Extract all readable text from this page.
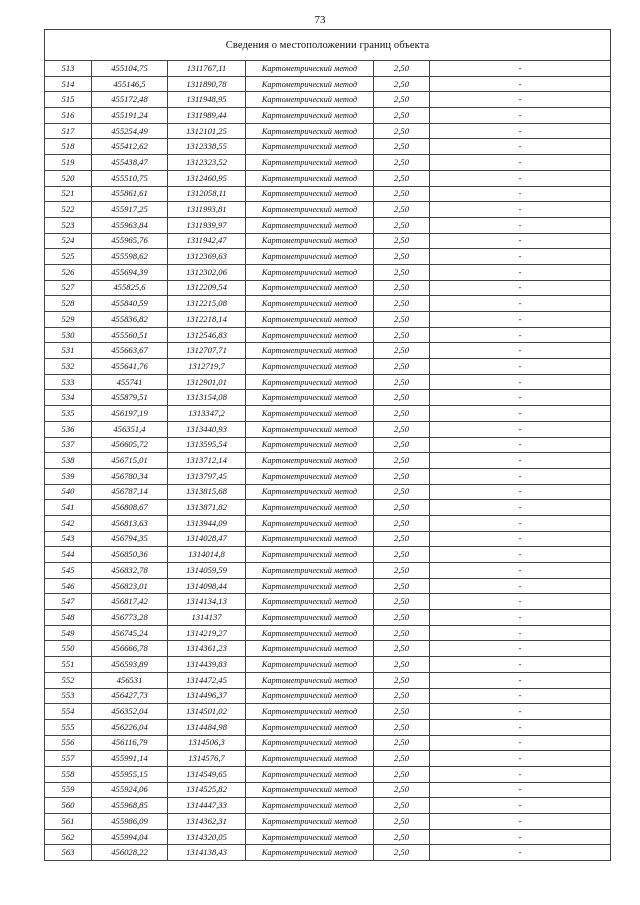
73
Сведения о местоположении границ объекта					
513	455104,75	1311767,11	Картометрический метод	2,50	-
514	455146,5	1311890,78	Картометрический метод	2,50	-
515	455172,48	1311948,95	Картометрический метод	2,50	-
516	455191,24	1311989,44	Картометрический метод	2,50	-
517	455254,49	1312101,25	Картометрический метод	2,50	-
518	455412,62	1312338,55	Картометрический метод	2,50	-
519	455438,47	1312323,52	Картометрический метод	2,50	-
520	455510,75	1312460,95	Картометрический метод	2,50	-
521	455861,61	1312058,11	Картометрический метод	2,50	-
522	455917,25	1311993,81	Картометрический метод	2,50	-
523	455963,84	1311939,97	Картометрический метод	2,50	-
524	455965,76	1311942,47	Картометрический метод	2,50	-
525	455598,62	1312369,63	Картометрический метод	2,50	-
526	455694,39	1312302,06	Картометрический метод	2,50	-
527	455825,6	1312209,54	Картометрический метод	2,50	-
528	455840,59	1312215,08	Картометрический метод	2,50	-
529	455836,82	1312218,14	Картометрический метод	2,50	-
530	455560,51	1312546,83	Картометрический метод	2,50	-
531	455663,67	1312707,71	Картометрический метод	2,50	-
532	455641,76	1312719,7	Картометрический метод	2,50	-
533	455741	1312901,01	Картометрический метод	2,50	-
534	455879,51	1313154,08	Картометрический метод	2,50	-
535	456197,19	1313347,2	Картометрический метод	2,50	-
536	456351,4	1313440,93	Картометрический метод	2,50	-
537	456605,72	1313595,54	Картометрический метод	2,50	-
538	456715,01	1313712,14	Картометрический метод	2,50	-
539	456780,34	1313797,45	Картометрический метод	2,50	-
540	456787,14	1313815,68	Картометрический метод	2,50	-
541	456808,67	1313871,82	Картометрический метод	2,50	-
542	456813,63	1313944,09	Картометрический метод	2,50	-
543	456794,35	1314028,47	Картометрический метод	2,50	-
544	456850,36	1314014,8	Картометрический метод	2,50	-
545	456832,78	1314059,59	Картометрический метод	2,50	-
546	456823,01	1314098,44	Картометрический метод	2,50	-
547	456817,42	1314134,13	Картометрический метод	2,50	-
548	456773,28	1314137	Картометрический метод	2,50	-
549	456745,24	1314219,27	Картометрический метод	2,50	-
550	456666,78	1314361,23	Картометрический метод	2,50	-
551	456593,89	1314439,83	Картометрический метод	2,50	-
552	456531	1314472,45	Картометрический метод	2,50	-
553	456427,73	1314496,37	Картометрический метод	2,50	-
554	456352,04	1314501,02	Картометрический метод	2,50	-
555	456226,04	1314484,98	Картометрический метод	2,50	-
556	456116,79	1314506,3	Картометрический метод	2,50	-
557	455991,14	1314576,7	Картометрический метод	2,50	-
558	455955,15	1314549,65	Картометрический метод	2,50	-
559	455924,06	1314525,82	Картометрический метод	2,50	-
560	455968,85	1314447,33	Картометрический метод	2,50	-
561	455986,09	1314362,31	Картометрический метод	2,50	-
562	455994,04	1314320,05	Картометрический метод	2,50	-
563	456028,22	1314138,43	Картометрический метод	2,50	-
